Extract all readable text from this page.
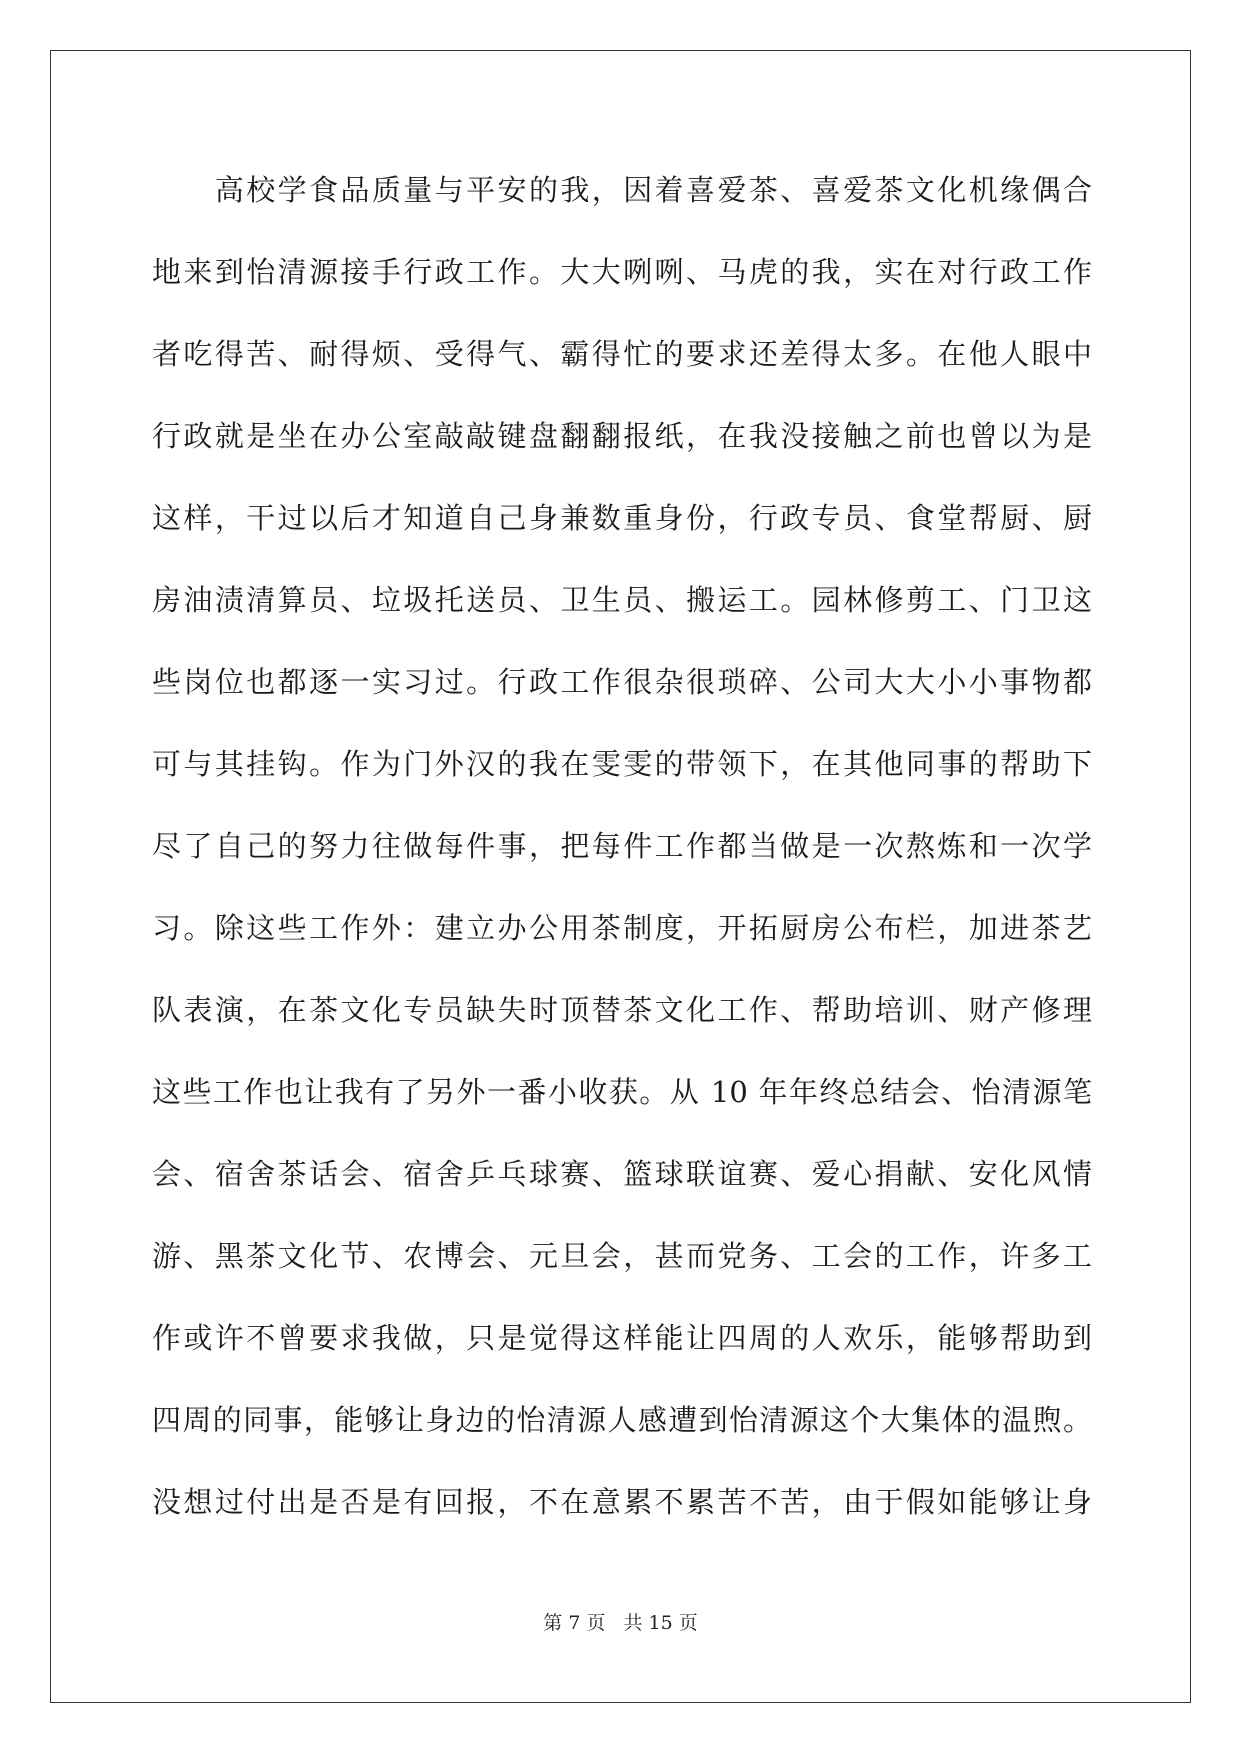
　　高校学食品质量与平安的我，因着喜爱茶、喜爱茶文化机缘偶合
地来到怡清源接手行政工作。大大咧咧、马虎的我，实在对行政工作
者吃得苦、耐得烦、受得气、霸得忙的要求还差得太多。在他人眼中
行政就是坐在办公室敲敲键盘翻翻报纸，在我没接触之前也曾以为是
这样，干过以后才知道自己身兼数重身份，行政专员、食堂帮厨、厨
房油渍清算员、垃圾托送员、卫生员、搬运工。园林修剪工、门卫这
些岗位也都逐一实习过。行政工作很杂很琐碎、公司大大小小事物都
可与其挂钩。作为门外汉的我在雯雯的带领下，在其他同事的帮助下
尽了自己的努力往做每件事，把每件工作都当做是一次熬炼和一次学
习。除这些工作外：建立办公用茶制度，开拓厨房公布栏，加进茶艺
队表演，在茶文化专员缺失时顶替茶文化工作、帮助培训、财产修理
这些工作也让我有了另外一番小收获。从 10 年年终总结会、怡清源笔
会、宿舍茶话会、宿舍乒乓球赛、篮球联谊赛、爱心捐献、安化风情
游、黑茶文化节、农博会、元旦会，甚而党务、工会的工作，许多工
作或许不曾要求我做，只是觉得这样能让四周的人欢乐，能够帮助到
四周的同事，能够让身边的怡清源人感遭到怡清源这个大集体的温煦。
没想过付出是否是有回报，不在意累不累苦不苦，由于假如能够让身
第 7 页 共 15 页
